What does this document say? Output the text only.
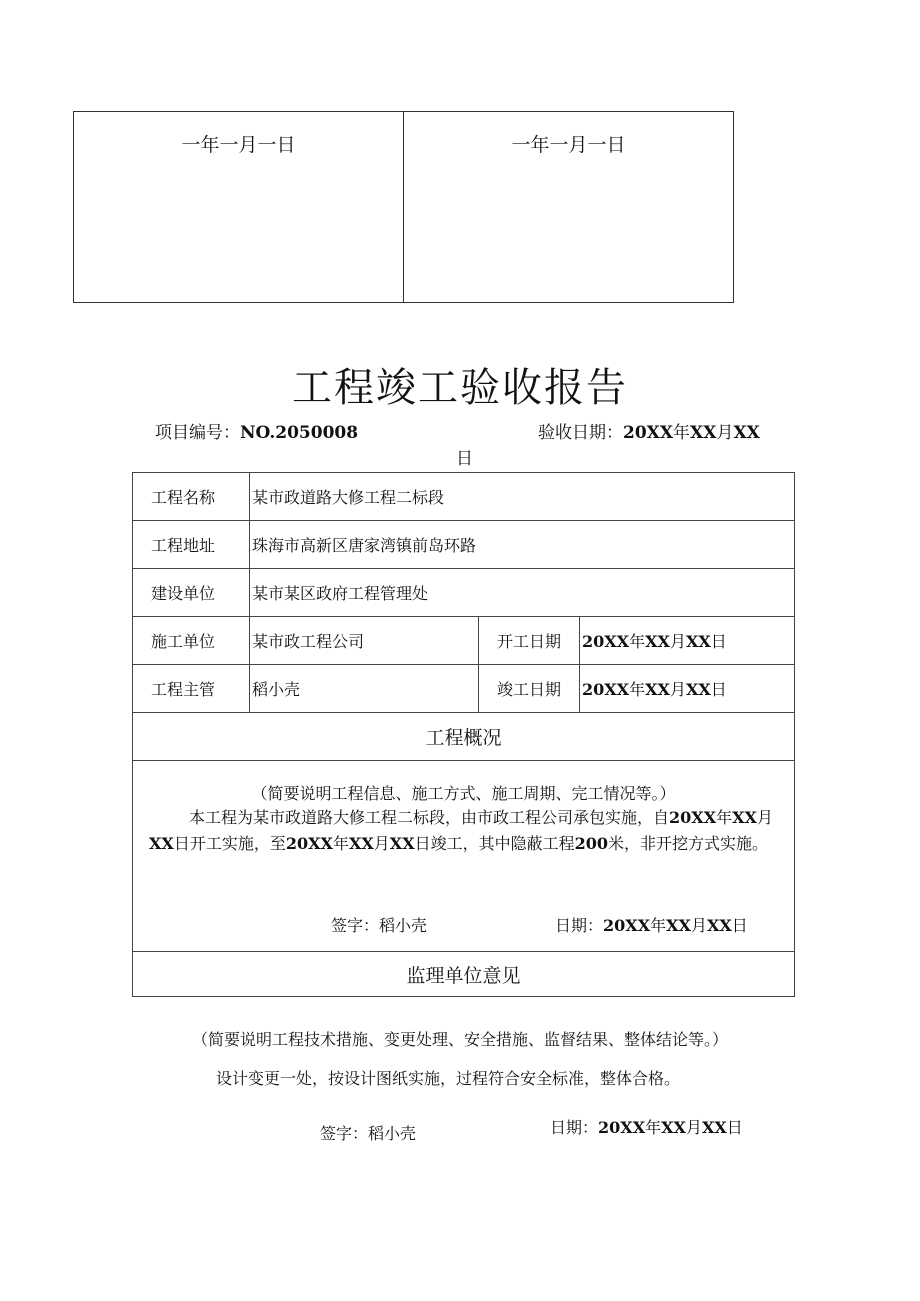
一年一月一日	一年一月一日
工程竣工验收报告
项目编号：NO.2050008	验收日期：20XX年XX月XX
日
工程名称	某市政道路大修工程二标段		
工程地址	珠海市高新区唐家湾镇前岛环路		
建设单位	某市某区政府工程管理处		
施工单位	某市政工程公司	开工日期	20XX年XX月XX日
工程主管	稻小壳	竣工日期	20XX年XX月XX日
工程概况			

（简要说明工程信息、施工方式、施工周期、完工情况等。）
本工程为某市政道路大修工程二标段，由市政工程公司承包实施，自20XX年XX月XX日开工实施，至20XX年XX月XX日竣工，其中隐蔽工程200米，非开挖方式实施。
签字：稻小壳 日期：20XX年XX月XX日			

监理单位意见			
（简要说明工程技术措施、变更处理、安全措施、监督结果、整体结论等。）
设计变更一处，按设计图纸实施，过程符合安全标准，整体合格。
签字：稻小壳	日期：20XX年XX月XX日
